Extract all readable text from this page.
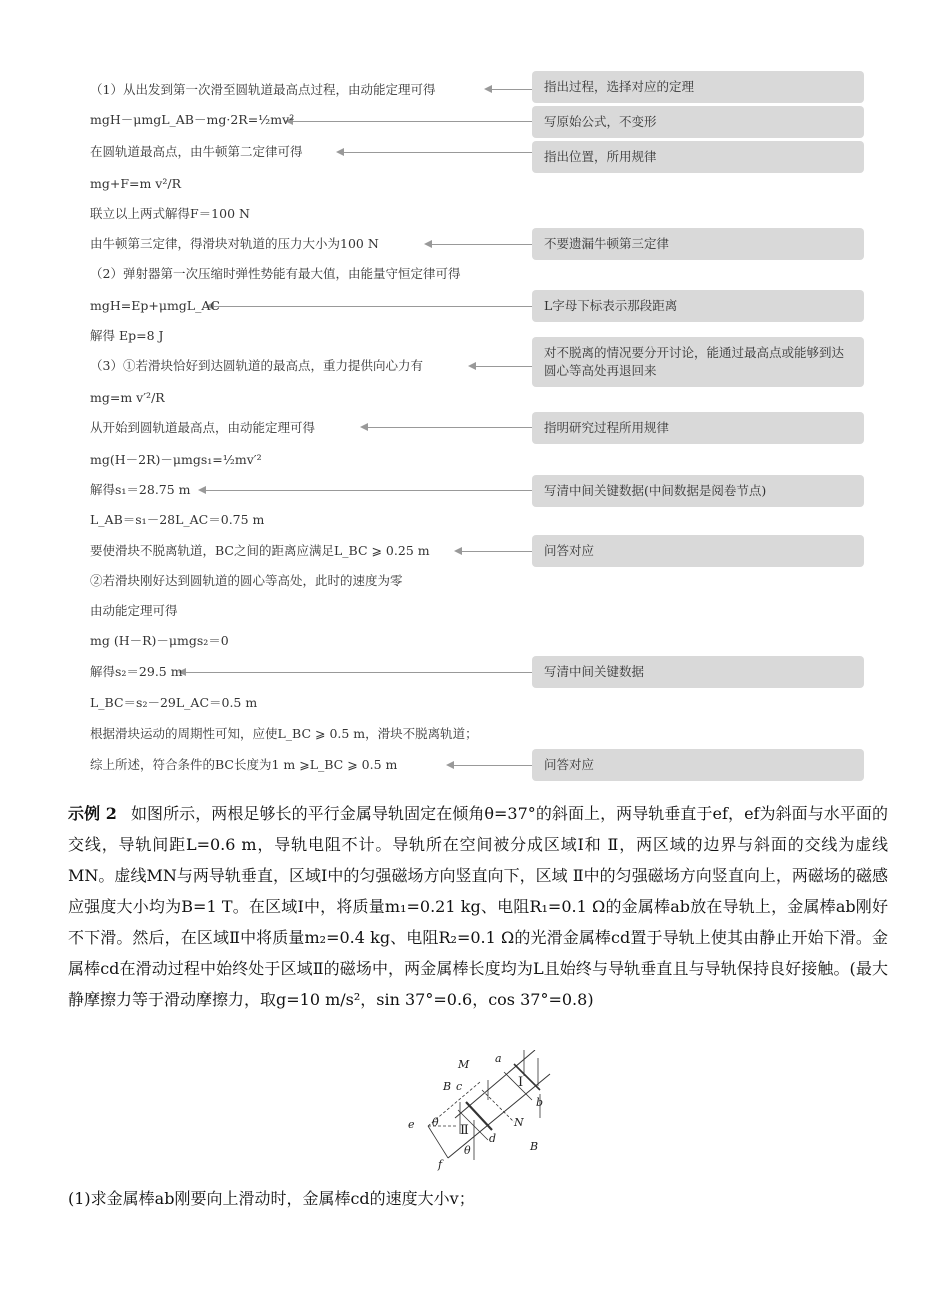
指出过程，选择对应的定理
写原始公式，不变形
指出位置，所用规律
不要遗漏牛顿第三定律
L字母下标表示那段距离
对不脱离的情况要分开讨论，能通过最高点或能够到达圆心等高处再退回来
指明研究过程所用规律
写清中间关键数据(中间数据是阅卷节点)
问答对应
写清中间关键数据
问答对应
（1）从出发到第一次滑至圆轨道最高点过程，由动能定理可得
mgH－μmgL_AB－mg·2R=½mv²
在圆轨道最高点，由牛顿第二定律可得
mg+F=m v²/R
联立以上两式解得F＝100 N
由牛顿第三定律，得滑块对轨道的压力大小为100 N
（2）弹射器第一次压缩时弹性势能有最大值，由能量守恒定律可得
mgH=Ep+μmgL_AC
解得 Ep=8 J
（3）①若滑块恰好到达圆轨道的最高点，重力提供向心力有
mg=m v′²/R
从开始到圆轨道最高点，由动能定理可得
mg(H－2R)－μmgs₁=½mv′²
解得s₁＝28.75 m
L_AB＝s₁－28L_AC＝0.75 m
要使滑块不脱离轨道，BC之间的距离应满足L_BC ⩾ 0.25 m
②若滑块刚好达到圆轨道的圆心等高处，此时的速度为零
由动能定理可得
mg (H－R)－μmgs₂＝0
解得s₂＝29.5 m
L_BC＝s₂－29L_AC＝0.5 m
根据滑块运动的周期性可知，应使L_BC ⩾ 0.5 m，滑块不脱离轨道；
综上所述，符合条件的BC长度为1 m ⩾L_BC ⩾ 0.5 m

示例 2 如图所示，两根足够长的平行金属导轨固定在倾角θ=37°的斜面上，两导轨垂直于ef，ef为斜面与水平面的交线，导轨间距L=0.6 m，导轨电阻不计。导轨所在空间被分成区域Ⅰ和 Ⅱ，两区域的边界与斜面的交线为虚线MN。虚线MN与两导轨垂直，区域Ⅰ中的匀强磁场方向竖直向下，区域 Ⅱ中的匀强磁场方向竖直向上，两磁场的磁感应强度大小均为B=1 T。在区域Ⅰ中，将质量m₁=0.21 kg、电阻R₁=0.1 Ω的金属棒ab放在导轨上，金属棒ab刚好不下滑。然后，在区域Ⅱ中将质量m₂=0.4 kg、电阻R₂=0.1 Ω的光滑金属棒cd置于导轨上使其由静止开始下滑。金属棒cd在滑动过程中始终处于区域Ⅱ的磁场中，两金属棒长度均为L且始终与导轨垂直且与导轨保持良好接触。(最大静摩擦力等于滑动摩擦力，取g=10 m/s²，sin 37°=0.6，cos 37°=0.8)

M
N
a
b
c
d
e
f
B
B
Ⅰ
Ⅱ
θ
θ
(1)求金属棒ab刚要向上滑动时，金属棒cd的速度大小v；
